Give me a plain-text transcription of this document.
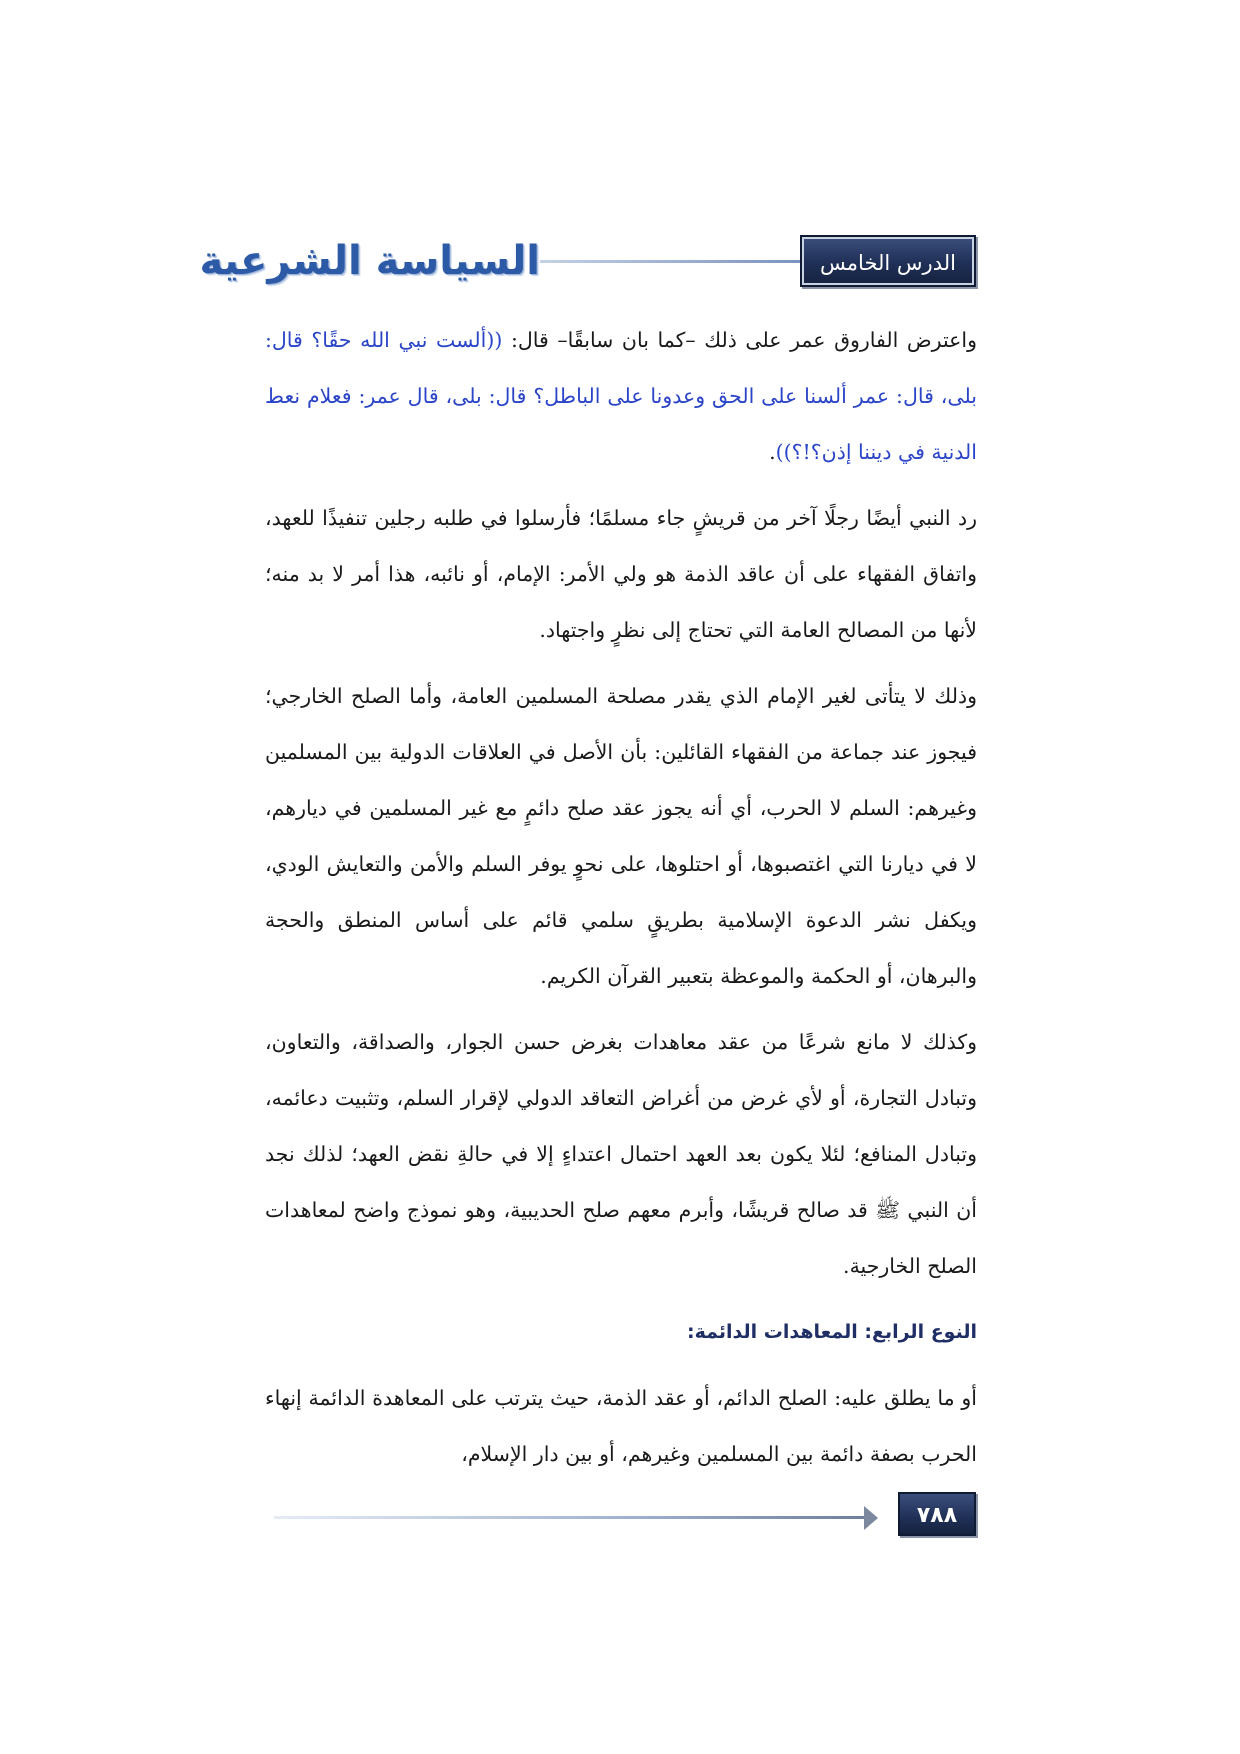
السياسة الشرعية	الدرس الخامس عشر

واعترض الفاروق عمر على ذلك –كما بان سابقًا– قال: ((ألست نبي الله حقًا؟ قال: بلى، قال: عمر ألسنا على الحق وعدونا على الباطل؟ قال: بلى، قال عمر: فعلام نعط الدنية في ديننا إذن؟!؟)).

رد النبي أيضًا رجلًا آخر من قريشٍ جاء مسلمًا؛ فأرسلوا في طلبه رجلين تنفيذًا للعهد، واتفاق الفقهاء على أن عاقد الذمة هو ولي الأمر: الإمام، أو نائبه، هذا أمر لا بد منه؛ لأنها من المصالح العامة التي تحتاج إلى نظرٍ واجتهاد.

وذلك لا يتأتى لغير الإمام الذي يقدر مصلحة المسلمين العامة، وأما الصلح الخارجي؛ فيجوز عند جماعة من الفقهاء القائلين: بأن الأصل في العلاقات الدولية بين المسلمين وغيرهم: السلم لا الحرب، أي أنه يجوز عقد صلح دائمٍ مع غير المسلمين في ديارهم، لا في ديارنا التي اغتصبوها، أو احتلوها، على نحوٍ يوفر السلم والأمن والتعايش الودي، ويكفل نشر الدعوة الإسلامية بطريقٍ سلمي قائم على أساس المنطق والحجة والبرهان، أو الحكمة والموعظة بتعبير القرآن الكريم.

وكذلك لا مانع شرعًا من عقد معاهدات بغرض حسن الجوار، والصداقة، والتعاون، وتبادل التجارة، أو لأي غرض من أغراض التعاقد الدولي لإقرار السلم، وتثبيت دعائمه، وتبادل المنافع؛ لئلا يكون بعد العهد احتمال اعتداءٍ إلا في حالةِ نقض العهد؛ لذلك نجد أن النبي ﷺ قد صالح قريشًا، وأبرم معهم صلح الحديبية، وهو نموذج واضح لمعاهدات الصلح الخارجية.

النوع الرابع: المعاهدات الدائمة:

أو ما يطلق عليه: الصلح الدائم، أو عقد الذمة، حيث يترتب على المعاهدة الدائمة إنهاء الحرب بصفة دائمة بين المسلمين وغيرهم، أو بين دار الإسلام،

٧٨٨
